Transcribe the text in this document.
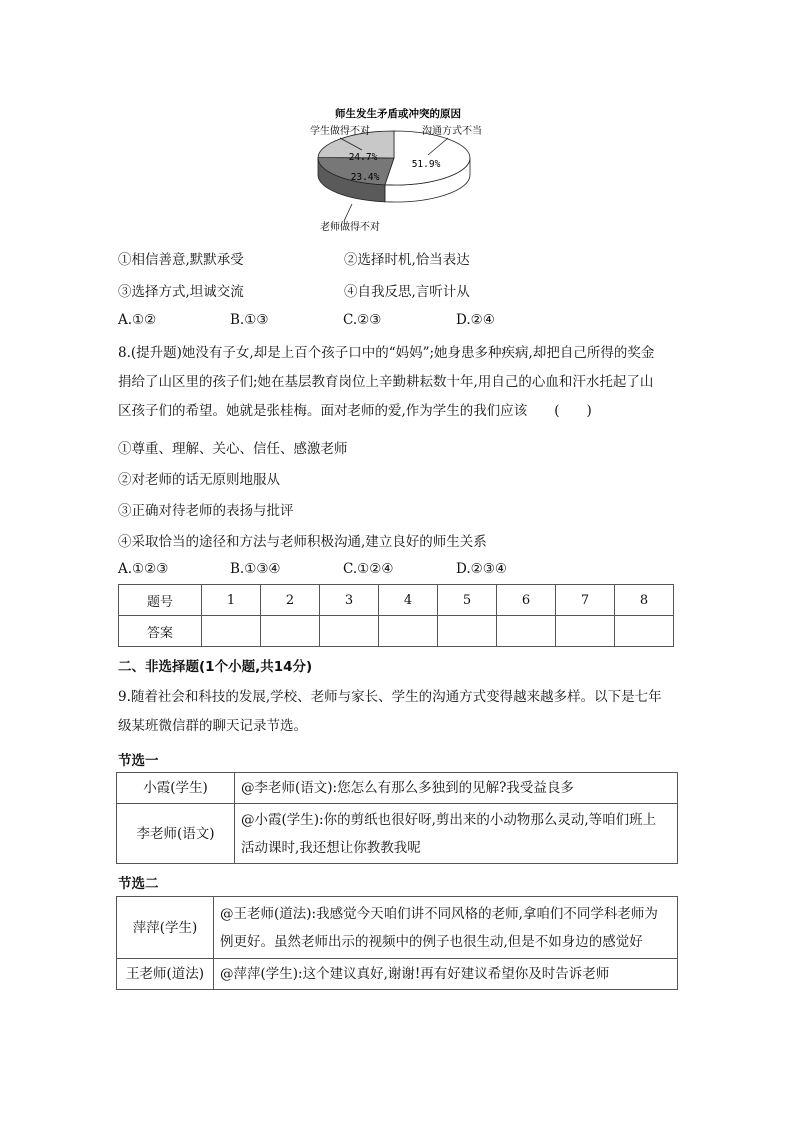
师生发生矛盾或冲突的原因
51.9%
23.4%
24.7%
沟通方式不当
老师做得不对
学生做得不对
①相信善意,默默承受	②选择时机,恰当表达
③选择方式,坦诚交流	④自我反思,言听计从
A.①②	B.①③	C.②③	D.②④
8.(提升题)她没有子女,却是上百个孩子口中的“妈妈”;她身患多种疾病,却把自己所得的奖金
捐给了山区里的孩子们;她在基层教育岗位上辛勤耕耘数十年,用自己的心血和汗水托起了山
区孩子们的希望。她就是张桂梅。面对老师的爱,作为学生的我们应该　　(　　)
①尊重、理解、关心、信任、感激老师
②对老师的话无原则地服从
③正确对待老师的表扬与批评
④采取恰当的途径和方法与老师积极沟通,建立良好的师生关系
A.①②③	B.①③④	C.①②④	D.②③④
题号	1	2	3	4	5	6	7	8
答案								
二、非选择题(1个小题,共14分)
9.随着社会和科技的发展,学校、老师与家长、学生的沟通方式变得越来越多样。以下是七年
级某班微信群的聊天记录节选。
节选一
小霞(学生)	@李老师(语文):您怎么有那么多独到的见解?我受益良多
李老师(语文)	@小霞(学生):你的剪纸也很好呀,剪出来的小动物那么灵动,等咱们班上
活动课时,我还想让你教教我呢
节选二
萍萍(学生)	@王老师(道法):我感觉今天咱们讲不同风格的老师,拿咱们不同学科老师为
例更好。虽然老师出示的视频中的例子也很生动,但是不如身边的感觉好

王老师(道法)	@萍萍(学生):这个建议真好,谢谢!再有好建议希望你及时告诉老师
